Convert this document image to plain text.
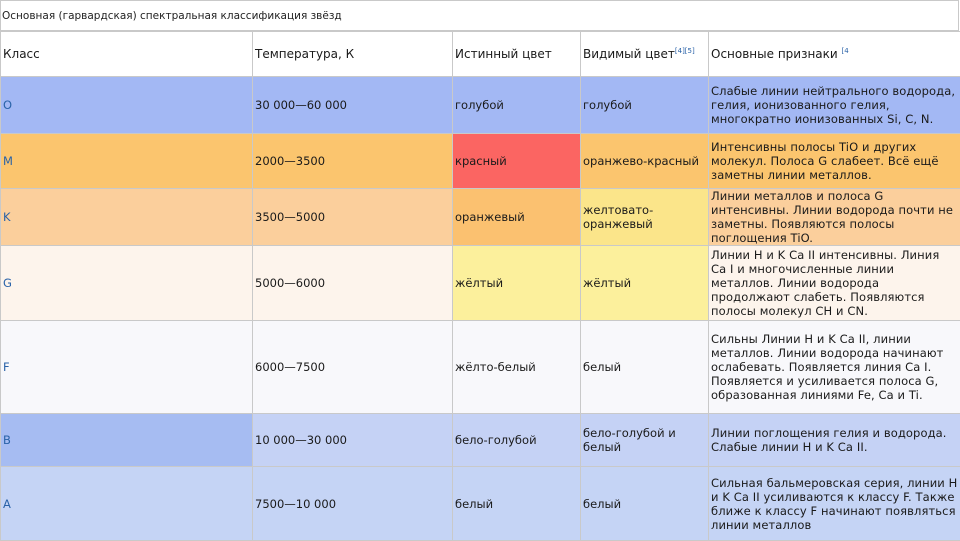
Основная (гарвардская) спектральная классификация звёзд
Класс	Температура, К	Истинный цвет	Видимый цвет[4][5]	Основные признаки $^{[4}$
O	30 000—60 000	голубой	голубой	Слабые линии нейтрального водорода, гелия, ионизованного гелия, многократно ионизованных Si, C, N.
M	2000—3500	красный	оранжево-красный	Интенсивны полосы TiO и других молекул. Полоса G слабеет. Всё ещё заметны линии металлов.
K	3500—5000	оранжевый	желтовато-оранжевый	Линии металлов и полоса G интенсивны. Линии водорода почти не заметны. Появляются полосы поглощения TiO.
G	5000—6000	жёлтый	жёлтый	Линии H и K Ca II интенсивны. Линия Ca I и многочисленные линии металлов. Линии водорода продолжают слабеть. Появляются полосы молекул CH и CN.
F	6000—7500	жёлто-белый	белый	Сильны Линии H и K Ca II, линии металлов. Линии водорода начинают ослабевать. Появляется линия Ca I. Появляется и усиливается полоса G, образованная линиями Fe, Ca и Ti.
B	10 000—30 000	бело-голубой	бело-голубой и белый	Линии поглощения гелия и водорода. Слабые линии H и K Ca II.
A	7500—10 000	белый	белый	Сильная бальмеровская серия, линии H и K Ca II усиливаются к классу F. Также ближе к классу F начинают появляться линии металлов
